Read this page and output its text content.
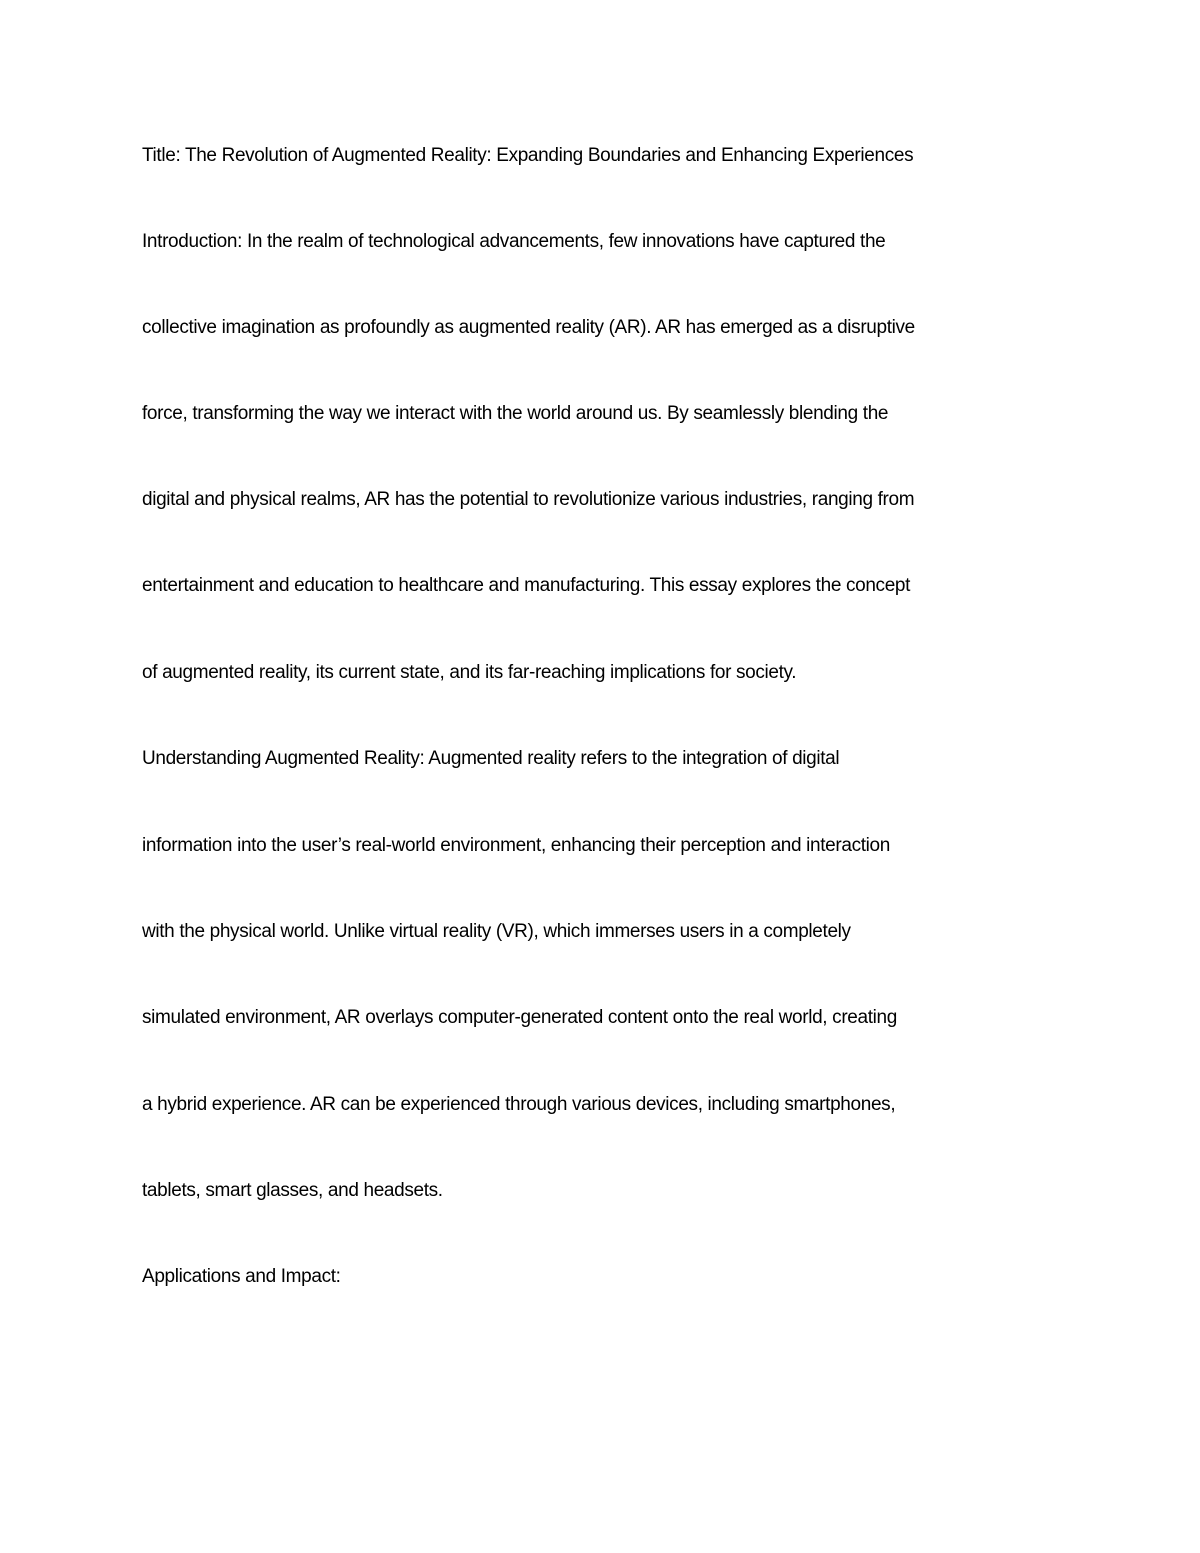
Title: The Revolution of Augmented Reality: Expanding Boundaries and Enhancing Experiences
Introduction: In the realm of technological advancements, few innovations have captured the
collective imagination as profoundly as augmented reality (AR). AR has emerged as a disruptive
force, transforming the way we interact with the world around us. By seamlessly blending the
digital and physical realms, AR has the potential to revolutionize various industries, ranging from
entertainment and education to healthcare and manufacturing. This essay explores the concept
of augmented reality, its current state, and its far-reaching implications for society.
Understanding Augmented Reality: Augmented reality refers to the integration of digital
information into the user’s real-world environment, enhancing their perception and interaction
with the physical world. Unlike virtual reality (VR), which immerses users in a completely
simulated environment, AR overlays computer-generated content onto the real world, creating
a hybrid experience. AR can be experienced through various devices, including smartphones,
tablets, smart glasses, and headsets.
Applications and Impact:
